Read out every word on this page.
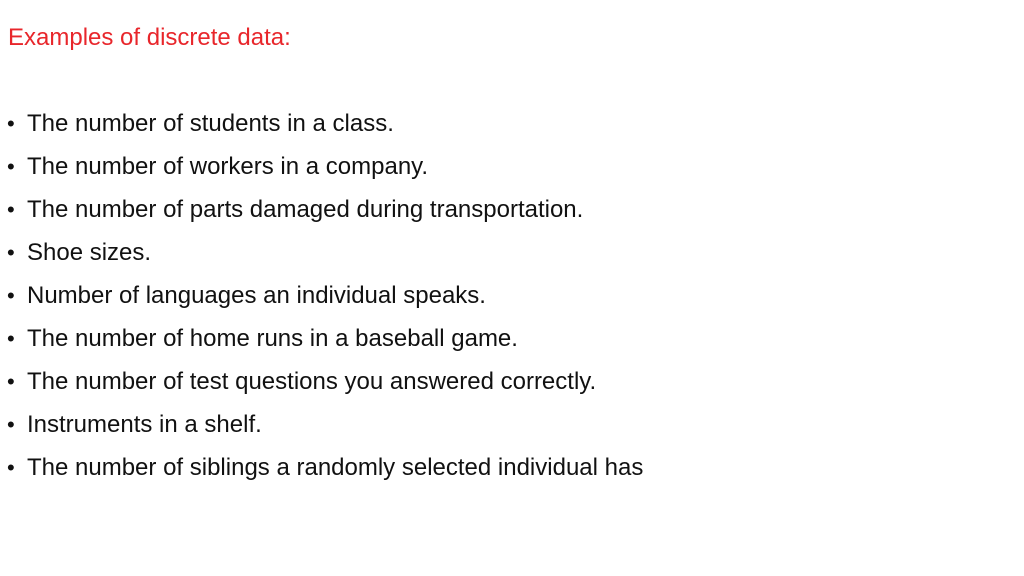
Examples of discrete data:
• The number of students in a class.
• The number of workers in a company.
• The number of parts damaged during transportation.
• Shoe sizes.
• Number of languages an individual speaks.
• The number of home runs in a baseball game.
• The number of test questions you answered correctly.
• Instruments in a shelf.
• The number of siblings a randomly selected individual has
